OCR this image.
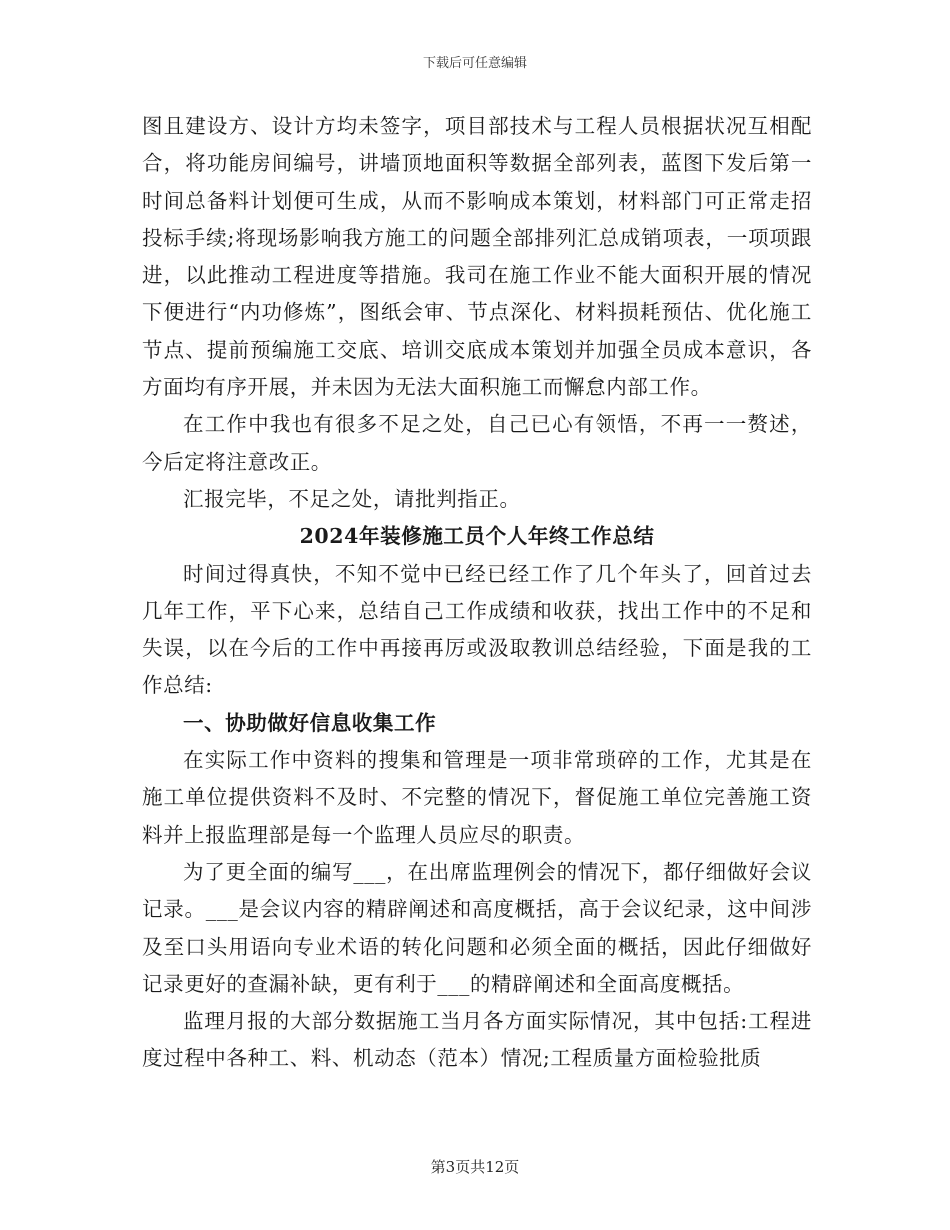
下载后可任意编辑

图且建设方、设计方均未签字，项目部技术与工程人员根据状况互相配合，将功能房间编号，讲墙顶地面积等数据全部列表，蓝图下发后第一时间总备料计划便可生成，从而不影响成本策划，材料部门可正常走招投标手续;将现场影响我方施工的问题全部排列汇总成销项表，一项项跟进，以此推动工程进度等措施。我司在施工作业不能大面积开展的情况下便进行“内功修炼”，图纸会审、节点深化、材料损耗预估、优化施工节点、提前预编施工交底、培训交底成本策划并加强全员成本意识，各方面均有序开展，并未因为无法大面积施工而懈怠内部工作。

在工作中我也有很多不足之处，自己已心有领悟，不再一一赘述，今后定将注意改正。

汇报完毕，不足之处，请批判指正。

2024年装修施工员个人年终工作总结

时间过得真快，不知不觉中已经已经工作了几个年头了，回首过去几年工作，平下心来，总结自己工作成绩和收获，找出工作中的不足和失误，以在今后的工作中再接再厉或汲取教训总结经验，下面是我的工作总结:

一、协助做好信息收集工作

在实际工作中资料的搜集和管理是一项非常琐碎的工作，尤其是在施工单位提供资料不及时、不完整的情况下，督促施工单位完善施工资料并上报监理部是每一个监理人员应尽的职责。

为了更全面的编写___，在出席监理例会的情况下，都仔细做好会议记录。___是会议内容的精辟阐述和高度概括，高于会议纪录，这中间涉及至口头用语向专业术语的转化问题和必须全面的概括，因此仔细做好记录更好的查漏补缺，更有利于___的精辟阐述和全面高度概括。

监理月报的大部分数据施工当月各方面实际情况，其中包括:工程进度过程中各种工、料、机动态（范本）情况;工程质量方面检验批质

第3页共12页
